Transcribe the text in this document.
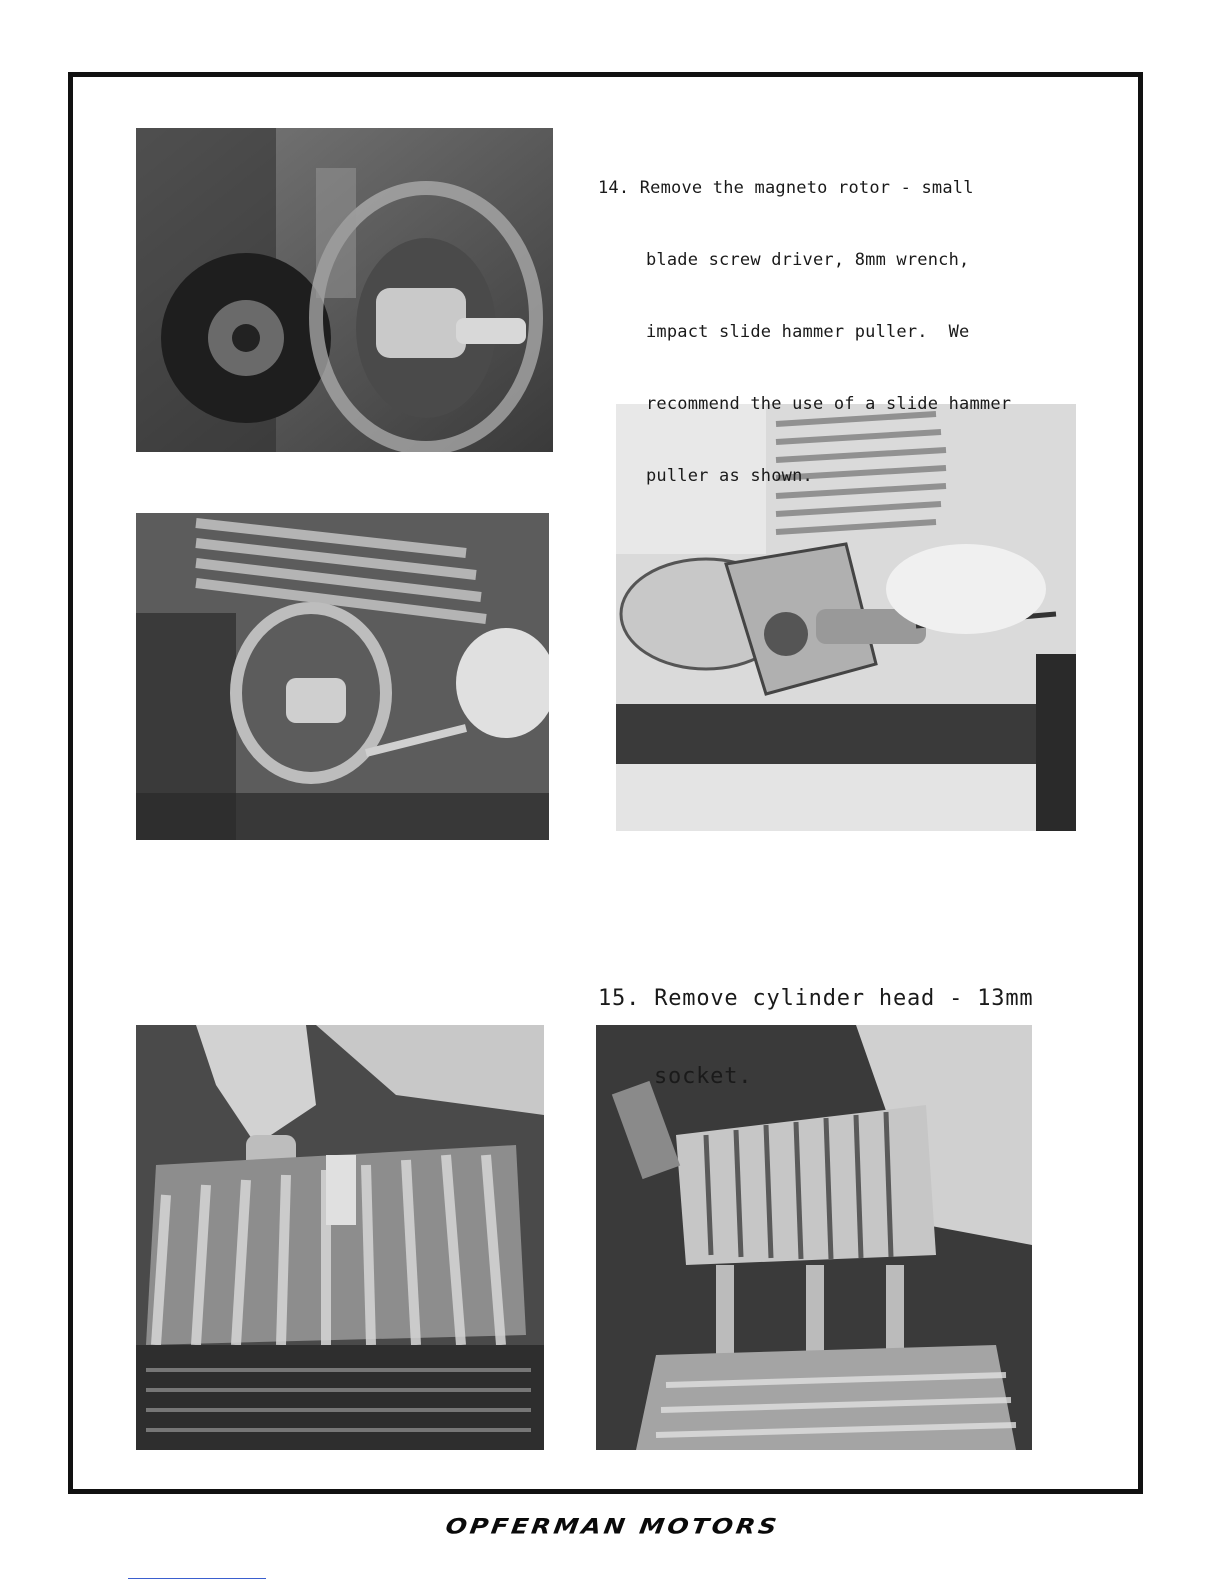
14. Remove the magneto rotor - small

blade screw driver, 8mm wrench,

impact slide hammer puller.  We

recommend the use of a slide hammer

puller as shown.

15. Remove cylinder head - 13mm

socket.

OPFERMAN MOTORS
